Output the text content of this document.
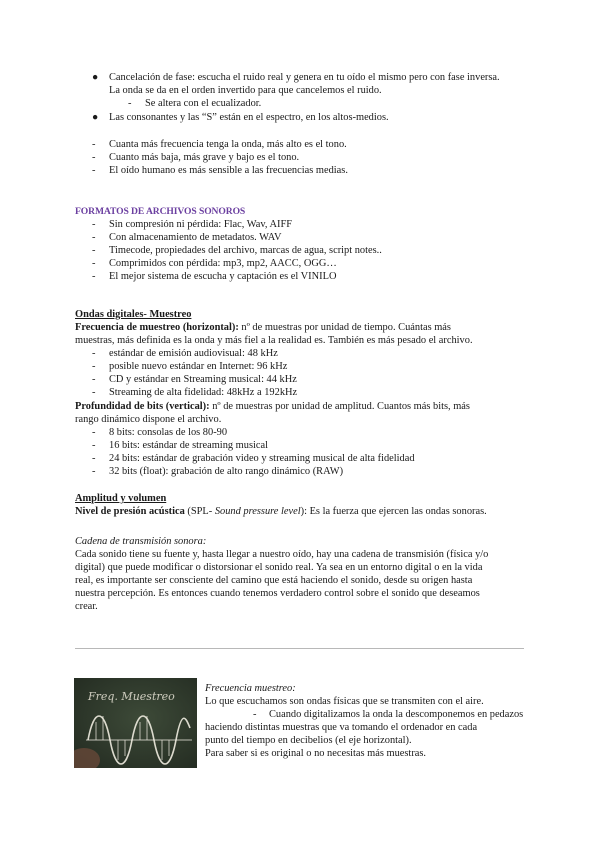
● Cancelación de fase: escucha el ruido real y genera en tu oído el mismo pero con fase inversa.
La onda se da en el orden invertido para que cancelemos el ruido.
- Se altera con el ecualizador.
● Las consonantes y las “S” están en el espectro, en los altos-medios.
- Cuanta más frecuencia tenga la onda, más alto es el tono.
- Cuanto más baja, más grave y bajo es el tono.
- El oído humano es más sensible a las frecuencias medias.
FORMATOS DE ARCHIVOS SONOROS
- Sin compresión ni pérdida: Flac, Wav, AIFF
- Con almacenamiento de metadatos. WAV
- Timecode, propiedades del archivo, marcas de agua, script notes..
- Comprimidos con pérdida: mp3, mp2, AACC, OGG…
- El mejor sistema de escucha y captación es el VINILO
Ondas digitales- Muestreo
Frecuencia de muestreo (horizontal): nº de muestras por unidad de tiempo. Cuántas más
muestras, más definida es la onda y más fiel a la realidad es. También es más pesado el archivo.
- estándar de emisión audiovisual: 48 kHz
- posible nuevo estándar en Internet: 96 kHz
- CD y estándar en Streaming musical: 44 kHz
- Streaming de alta fidelidad: 48kHz a 192kHz
Profundidad de bits (vertical): nº de muestras por unidad de amplitud. Cuantos más bits, más
rango dinámico dispone el archivo.
- 8 bits: consolas de los 80-90
- 16 bits: estándar de streaming musical
- 24 bits: estándar de grabación video y streaming musical de alta fidelidad
- 32 bits (float): grabación de alto rango dinámico (RAW)
Amplitud y volumen
Nivel de presión acústica (SPL- Sound pressure level): Es la fuerza que ejercen las ondas sonoras.
Cadena de transmisión sonora:
Cada sonido tiene su fuente y, hasta llegar a nuestro oído, hay una cadena de transmisión (física y/o
digital) que puede modificar o distorsionar el sonido real. Ya sea en un entorno digital o en la vida
real, es importante ser consciente del camino que está haciendo el sonido, desde su origen hasta
nuestra percepción. Es entonces cuando tenemos verdadero control sobre el sonido que deseamos
crear.
Freq. Muestreo
Frecuencia muestreo:
Lo que escuchamos son ondas físicas que se transmiten con el aire.
- Cuando digitalizamos la onda la descomponemos en pedazos
haciendo distintas muestras que va tomando el ordenador en cada
punto del tiempo en decibelios (el eje horizontal).
Para saber si es original o no necesitas más muestras.
